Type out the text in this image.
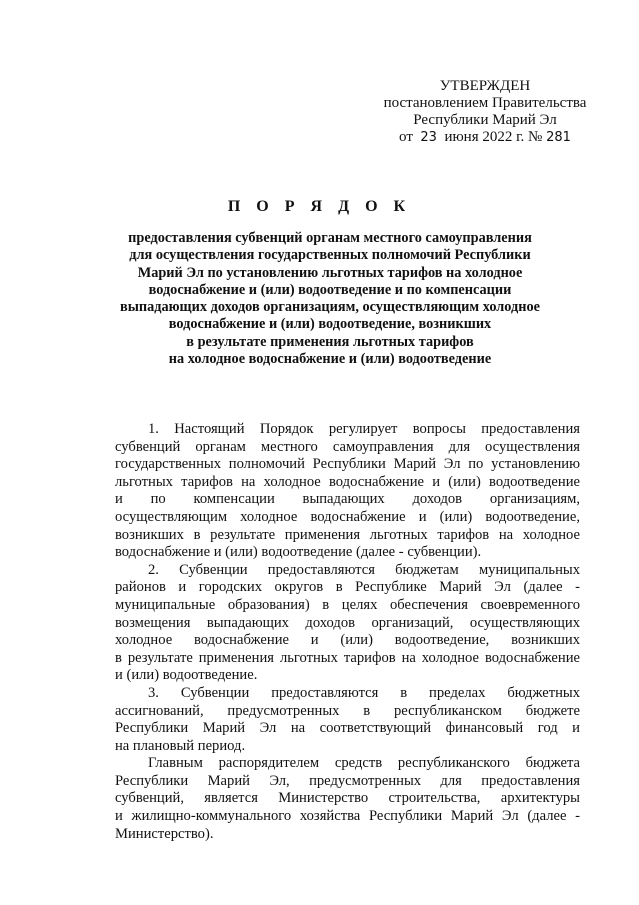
УТВЕРЖДЕН
постановлением Правительства
Республики Марий Эл
от 23 июня 2022 г. № 281
П О Р Я Д О К
предоставления субвенций органам местного самоуправления
для осуществления государственных полномочий Республики
Марий Эл по установлению льготных тарифов на холодное
водоснабжение и (или) водоотведение и по компенсации
выпадающих доходов организациям, осуществляющим холодное
водоснабжение и (или) водоотведение, возникших
в результате применения льготных тарифов
на холодное водоснабжение и (или) водоотведение
1. Настоящий Порядок регулирует вопросы предоставления
субвенций органам местного самоуправления для осуществления
государственных полномочий Республики Марий Эл по установлению
льготных тарифов на холодное водоснабжение и (или) водоотведение
и по компенсации выпадающих доходов организациям,
осуществляющим холодное водоснабжение и (или) водоотведение,
возникших в результате применения льготных тарифов на холодное
водоснабжение и (или) водоотведение (далее - субвенции).
2. Субвенции предоставляются бюджетам муниципальных
районов и городских округов в Республике Марий Эл (далее -
муниципальные образования) в целях обеспечения своевременного
возмещения выпадающих доходов организаций, осуществляющих
холодное водоснабжение и (или) водоотведение, возникших
в результате применения льготных тарифов на холодное водоснабжение
и (или) водоотведение.
3. Субвенции предоставляются в пределах бюджетных
ассигнований, предусмотренных в республиканском бюджете
Республики Марий Эл на соответствующий финансовый год и
на плановый период.
Главным распорядителем средств республиканского бюджета
Республики Марий Эл, предусмотренных для предоставления
субвенций, является Министерство строительства, архитектуры
и жилищно-коммунального хозяйства Республики Марий Эл (далее -
Министерство).
